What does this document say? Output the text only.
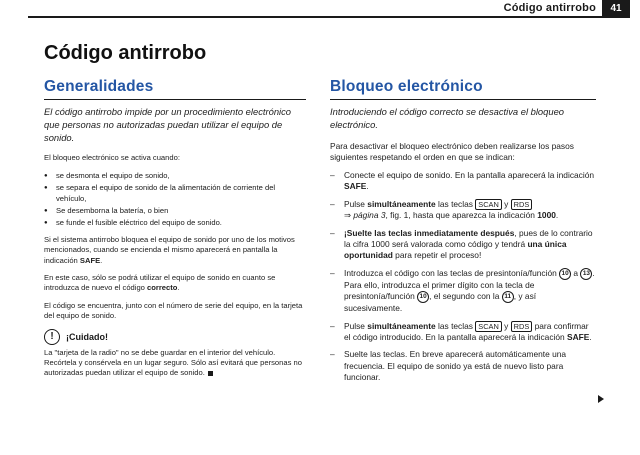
Código antirrobo	41
Código antirrobo
Generalidades

El código antirrobo impide por un procedimiento electrónico que personas no autorizadas puedan utilizar el equipo de sonido.

El bloqueo electrónico se activa cuando:

● se desmonta el equipo de sonido,
● se separa el equipo de sonido de la alimentación de corriente del vehículo,
● Se desemborna la batería, o bien
● se funde el fusible eléctrico del equipo de sonido.

Si el sistema antirrobo bloquea el equipo de sonido por uno de los motivos mencionados, cuando se encienda el mismo aparecerá en pantalla la indicación SAFE.

En este caso, sólo se podrá utilizar el equipo de sonido en cuanto se introduzca de nuevo el código correcto.

El código se encuentra, junto con el número de serie del equipo, en la tarjeta del equipo de sonido.

!	¡Cuidado!

La "tarjeta de la radio" no se debe guardar en el interior del vehículo. Recórtela y consérvela en un lugar seguro. Sólo así evitará que personas no autorizadas puedan utilizar el equipo de sonido.

Bloqueo electrónico

Introduciendo el código correcto se desactiva el bloqueo electrónico.

Para desactivar el bloqueo electrónico deben realizarse los pasos siguientes respetando el orden en que se indican:

– Conecte el equipo de sonido. En la pantalla aparecerá la indicación SAFE.
– Pulse simultáneamente las teclas SCAN y RDS
⇒ página 3, fig. 1, hasta que aparezca la indicación 1000.
– ¡Suelte las teclas inmediatamente después, pues de lo contrario la cifra 1000 será valorada como código y tendrá una única oportunidad para repetir el proceso!
– Introduzca el código con las teclas de presintonía/función 10 a 13 . Para ello, introduzca el primer dígito con la tecla de presintonía/función 10 , el segundo con la 11 , y así sucesivamente.
– Pulse simultáneamente las teclas SCAN y RDS para confirmar el código introducido. En la pantalla aparecerá la indicación SAFE.
– Suelte las teclas. En breve aparecerá automáticamente una frecuencia. El equipo de sonido ya está de nuevo listo para funcionar.
